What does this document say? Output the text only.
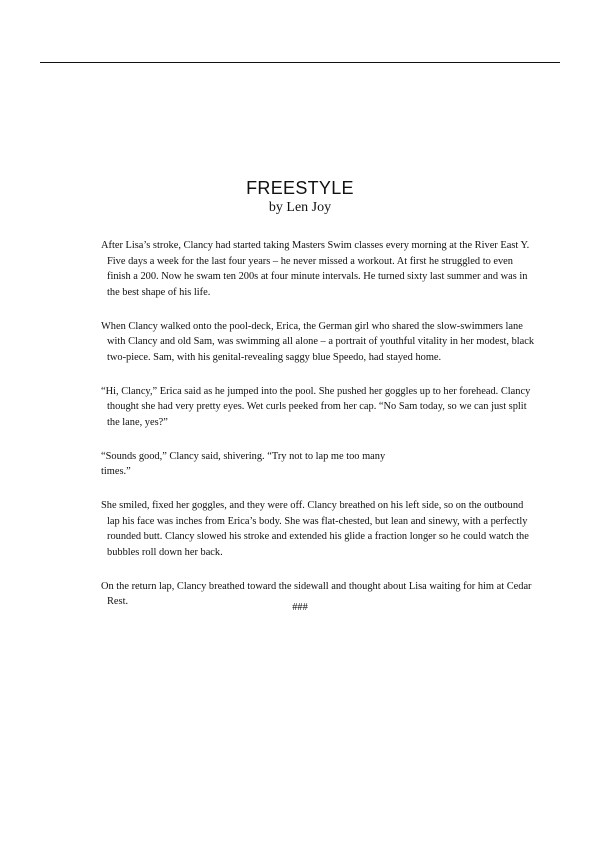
FREESTYLE
by Len Joy
After Lisa’s stroke, Clancy had started taking Masters Swim classes every morning at the River East Y.
Five days a week for the last four years – he never missed a workout. At first he struggled to even
finish a 200. Now he swam ten 200s at four minute intervals. He turned sixty last summer and was in
the best shape of his life.
When Clancy walked onto the pool-deck, Erica, the German girl who shared the slow-swimmers lane
with Clancy and old Sam, was swimming all alone – a portrait of youthful vitality in her modest, black
two-piece. Sam, with his genital-revealing saggy blue Speedo, had stayed home.
“Hi, Clancy,” Erica said as he jumped into the pool. She pushed her goggles up to her forehead. Clancy
thought she had very pretty eyes. Wet curls peeked from her cap. “No Sam today, so we can just split
the lane, yes?”
“Sounds good,” Clancy said, shivering. “Try not to lap me too many
times.”
She smiled, fixed her goggles, and they were off. Clancy breathed on his left side, so on the outbound
lap his face was inches from Erica’s body. She was flat-chested, but lean and sinewy, with a perfectly
rounded butt. Clancy slowed his stroke and extended his glide a fraction longer so he could watch the
bubbles roll down her back.
On the return lap, Clancy breathed toward the sidewall and thought about Lisa waiting for him at Cedar
Rest.
###
